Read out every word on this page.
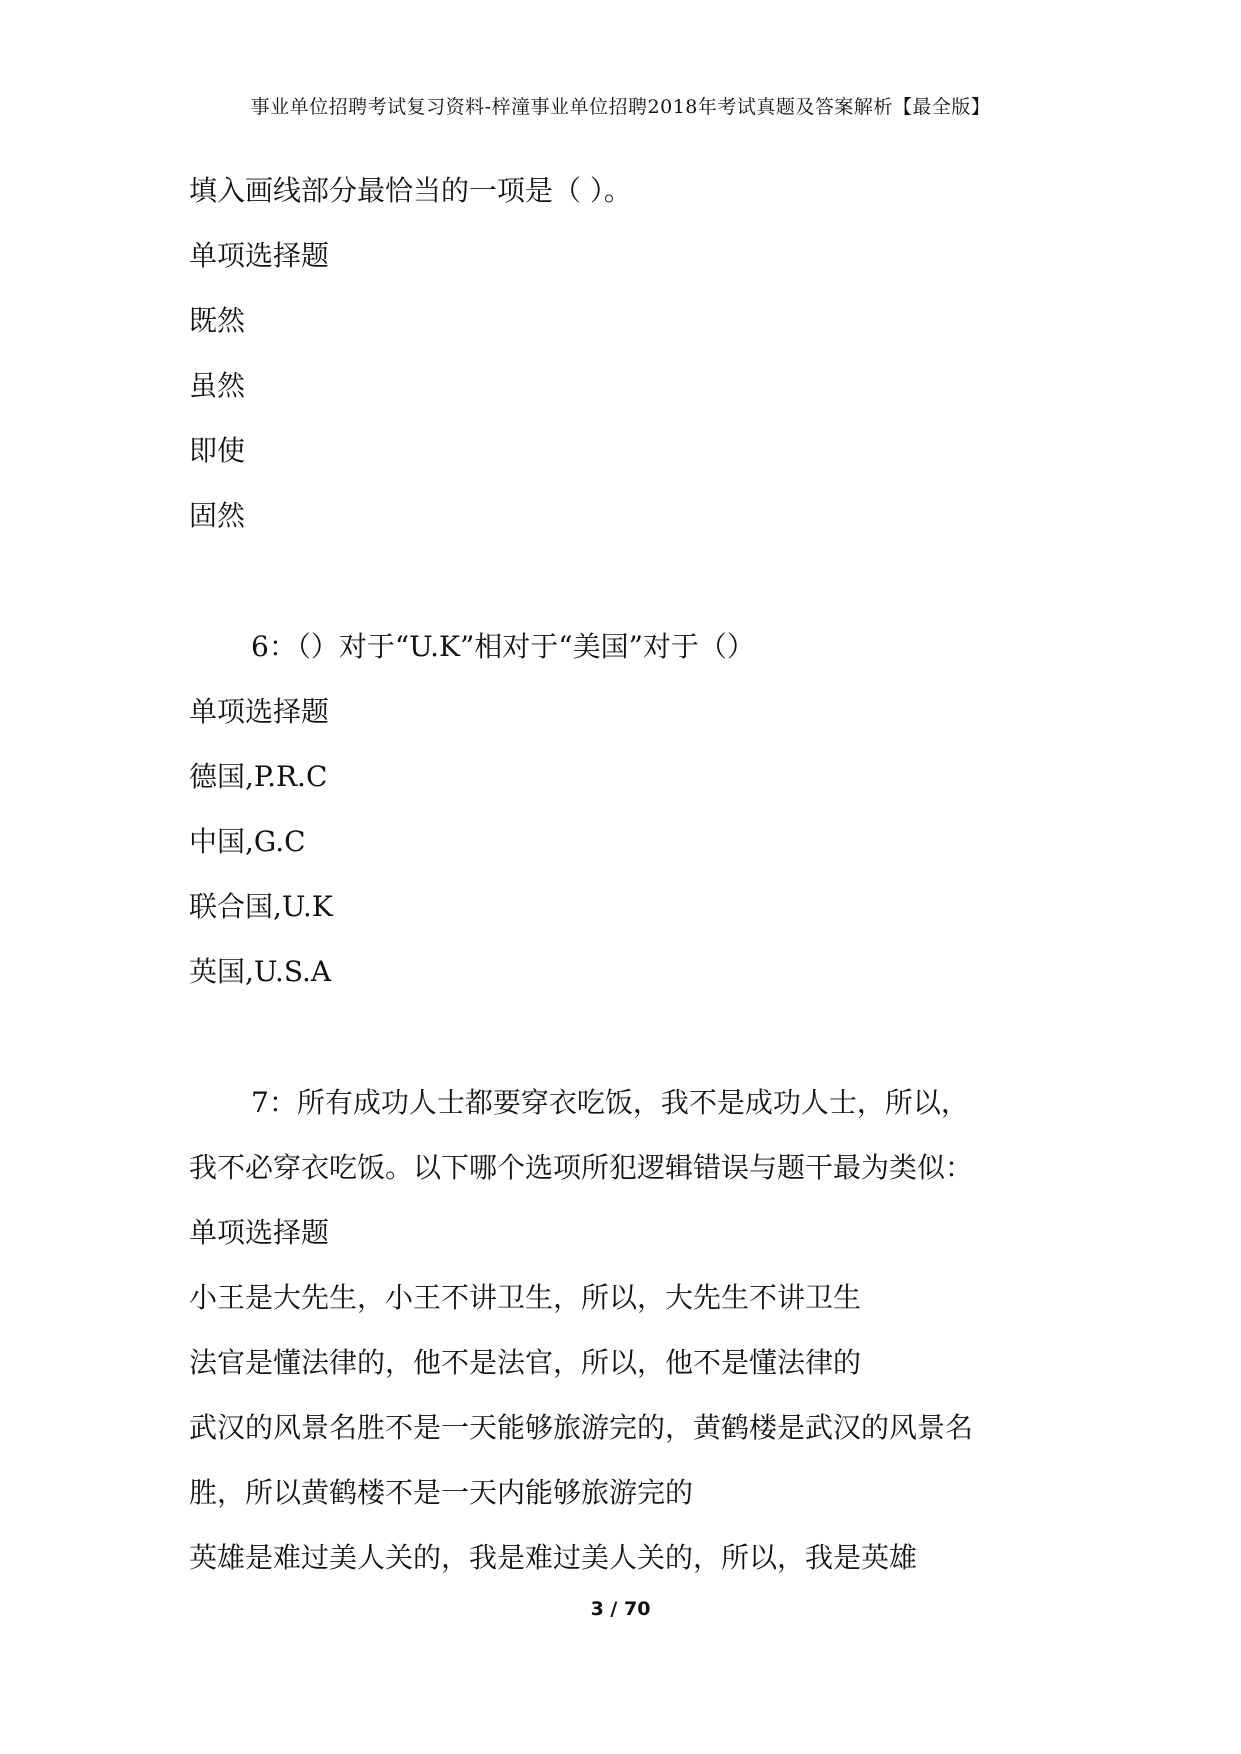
事业单位招聘考试复习资料-梓潼事业单位招聘2018年考试真题及答案解析【最全版】
填入画线部分最恰当的一项是（ ）。
单项选择题
既然
虽然
即使
固然
6：（）对于“U.K”相对于“美国”对于（）
单项选择题
德国,P.R.C
中国,G.C
联合国,U.K
英国,U.S.A
7：所有成功人士都要穿衣吃饭，我不是成功人士，所以，
我不必穿衣吃饭。以下哪个选项所犯逻辑错误与题干最为类似：
单项选择题
小王是大先生，小王不讲卫生，所以，大先生不讲卫生
法官是懂法律的，他不是法官，所以，他不是懂法律的
武汉的风景名胜不是一天能够旅游完的，黄鹤楼是武汉的风景名
胜，所以黄鹤楼不是一天内能够旅游完的
英雄是难过美人关的，我是难过美人关的，所以，我是英雄
3 / 70
